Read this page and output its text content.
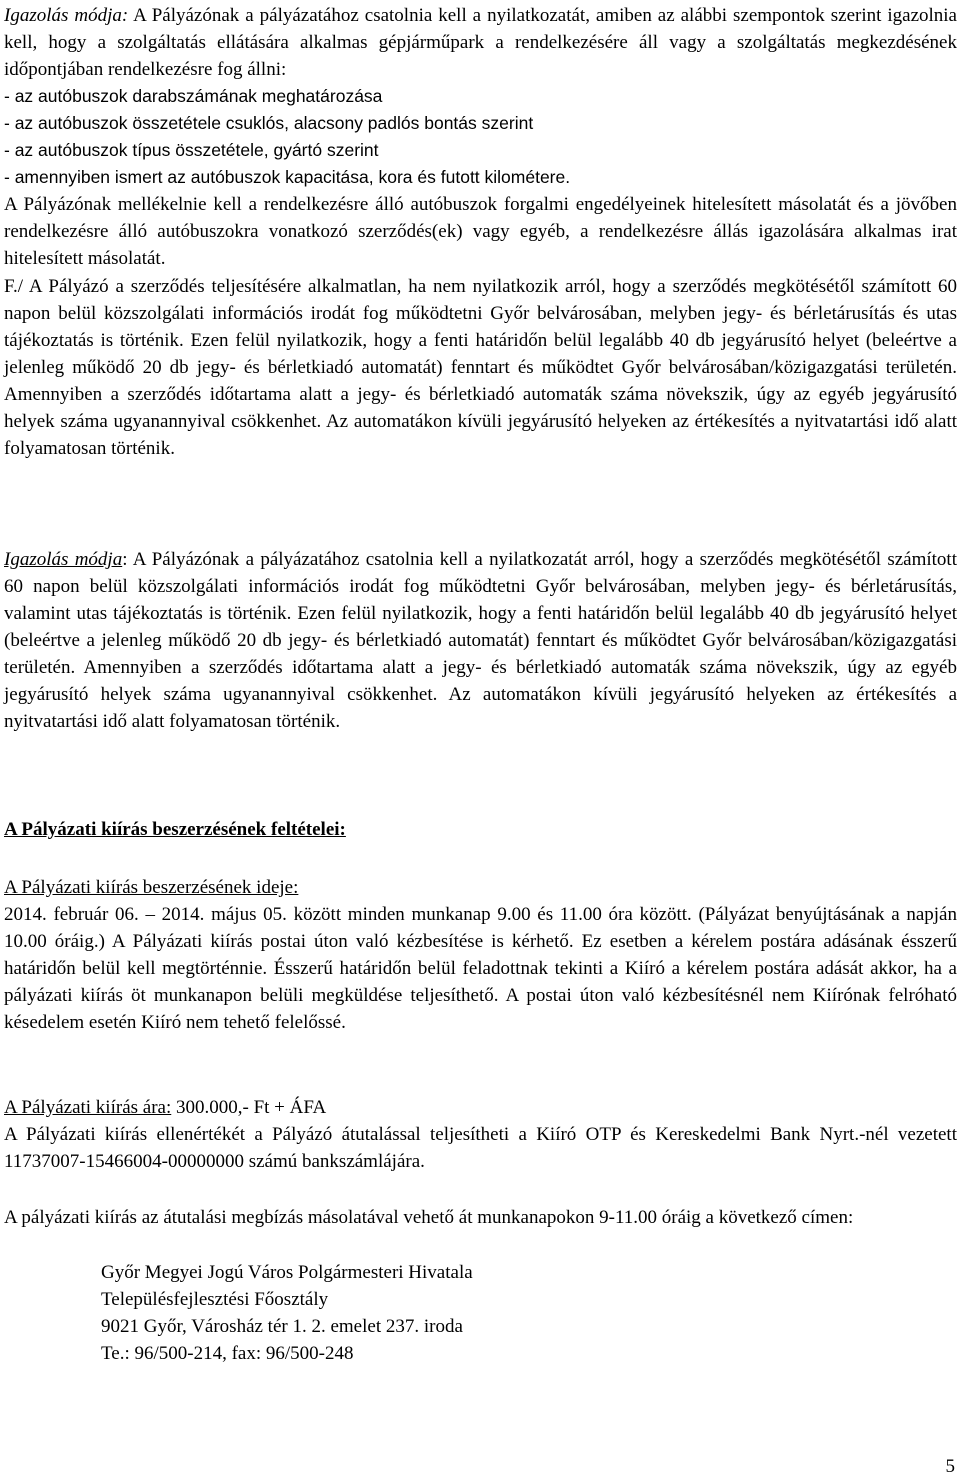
Igazolás módja: A Pályázónak a pályázatához csatolnia kell a nyilatkozatát, amiben az alábbi szempontok szerint igazolnia kell, hogy a szolgáltatás ellátására alkalmas gépjárműpark a rendelkezésére áll vagy a szolgáltatás megkezdésének időpontjában rendelkezésre fog állni:

- az autóbuszok darabszámának meghatározása

- az autóbuszok összetétele csuklós, alacsony padlós bontás szerint

- az autóbuszok típus összetétele, gyártó szerint

- amennyiben ismert az autóbuszok kapacitása, kora és futott kilométere.

A Pályázónak mellékelnie kell a rendelkezésre álló autóbuszok forgalmi engedélyeinek hitelesített másolatát és a jövőben rendelkezésre álló autóbuszokra vonatkozó szerződés(ek) vagy egyéb, a rendelkezésre állás igazolására alkalmas irat hitelesített másolatát.

F./ A Pályázó a szerződés teljesítésére alkalmatlan, ha nem nyilatkozik arról, hogy a szerződés megkötésétől számított 60 napon belül közszolgálati információs irodát fog működtetni Győr belvárosában, melyben jegy- és bérletárusítás és utas tájékoztatás is történik. Ezen felül nyilatkozik, hogy a fenti határidőn belül legalább 40 db jegyárusító helyet (beleértve a jelenleg működő 20 db jegy- és bérletkiadó automatát) fenntart és működtet Győr belvárosában/közigazgatási területén. Amennyiben a szerződés időtartama alatt a jegy- és bérletkiadó automaták száma növekszik, úgy az egyéb jegyárusító helyek száma ugyanannyival csökkenhet. Az automatákon kívüli jegyárusító helyeken az értékesítés a nyitvatartási idő alatt folyamatosan történik.

Igazolás módja: A Pályázónak a pályázatához csatolnia kell a nyilatkozatát arról, hogy a szerződés megkötésétől számított 60 napon belül közszolgálati információs irodát fog működtetni Győr belvárosában, melyben jegy- és bérletárusítás, valamint utas tájékoztatás is történik. Ezen felül nyilatkozik, hogy a fenti határidőn belül legalább 40 db jegyárusító helyet (beleértve a jelenleg működő 20 db jegy- és bérletkiadó automatát) fenntart és működtet Győr belvárosában/közigazgatási területén. Amennyiben a szerződés időtartama alatt a jegy- és bérletkiadó automaták száma növekszik, úgy az egyéb jegyárusító helyek száma ugyanannyival csökkenhet. Az automatákon kívüli jegyárusító helyeken az értékesítés a nyitvatartási idő alatt folyamatosan történik.

A Pályázati kiírás beszerzésének feltételei:

A Pályázati kiírás beszerzésének ideje:

2014. február 06. – 2014. május 05. között minden munkanap 9.00 és 11.00 óra között. (Pályázat benyújtásának a napján 10.00 óráig.) A Pályázati kiírás postai úton való kézbesítése is kérhető. Ez esetben a kérelem postára adásának ésszerű határidőn belül kell megtörténnie. Ésszerű határidőn belül feladottnak tekinti a Kiíró a kérelem postára adását akkor, ha a pályázati kiírás öt munkanapon belüli megküldése teljesíthető. A postai úton való kézbesítésnél nem Kiírónak felróható késedelem esetén Kiíró nem tehető felelőssé.

A Pályázati kiírás ára: 300.000,- Ft + ÁFA

A Pályázati kiírás ellenértékét a Pályázó átutalással teljesítheti a Kiíró OTP és Kereskedelmi Bank Nyrt.-nél vezetett 11737007-15466004-00000000 számú bankszámlájára.

A pályázati kiírás az átutalási megbízás másolatával vehető át munkanapokon 9-11.00 óráig a következő címen:

Győr Megyei Jogú Város Polgármesteri Hivatala

Településfejlesztési Főosztály

9021 Győr, Városház tér 1. 2. emelet 237. iroda

Te.: 96/500-214, fax: 96/500-248

5
